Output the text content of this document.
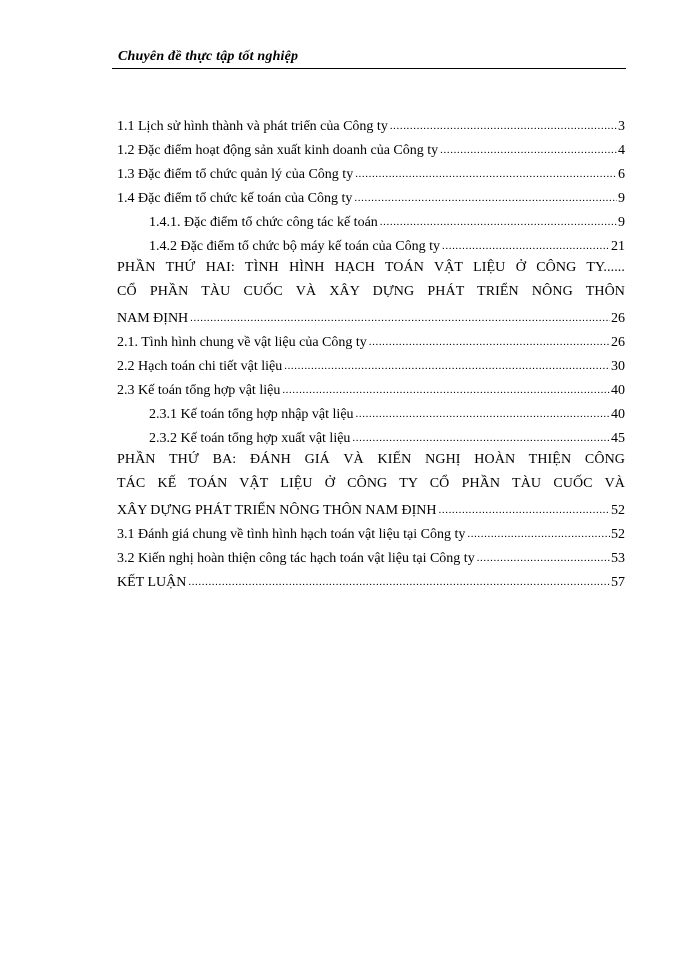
Chuyên đề thực tập tốt nghiệp
1.1 Lịch sử hình thành và phát triển của Công ty .....	3
1.2 Đặc điểm hoạt động sản xuất kinh doanh của Công ty .....	4
1.3 Đặc điểm tổ chức quản lý của Công ty .....	6
1.4 Đặc điểm tổ chức kế toán của Công ty .....	9
1.4.1. Đặc điểm tổ chức công tác kế toán .....	9
1.4.2 Đặc điểm tổ chức bộ máy kế toán của Công ty .....	21
PHẦN THỨ HAI: TÌNH HÌNH HẠCH TOÁN VẬT LIỆU Ở CÔNG TY......
CỔ PHẦN TÀU CUỐC VÀ XÂY DỰNG PHÁT TRIỂN NÔNG THÔN
NAM ĐỊNH .....	26
2.1. Tình hình chung về vật liệu của Công ty .....	26
2.2 Hạch toán chi tiết vật liệu .....	30
2.3 Kế toán tổng hợp vật liệu .....	40
2.3.1 Kế toán tổng hợp nhập vật liệu .....	40
2.3.2 Kế toán tổng hợp xuất vật liệu .....	45
PHẦN THỨ BA: ĐÁNH GIÁ VÀ KIẾN NGHỊ HOÀN THIỆN CÔNG
TÁC KẾ TOÁN VẬT LIỆU Ở CÔNG TY CỔ PHẦN TÀU CUỐC VÀ
XÂY DỰNG PHÁT TRIỂN NÔNG THÔN NAM ĐỊNH .....	52
3.1 Đánh giá chung về tình hình hạch toán vật liệu tại Công ty .....	52
3.2 Kiến nghị hoàn thiện công tác hạch toán vật liệu tại Công ty .....	53
KẾT LUẬN .....	57
